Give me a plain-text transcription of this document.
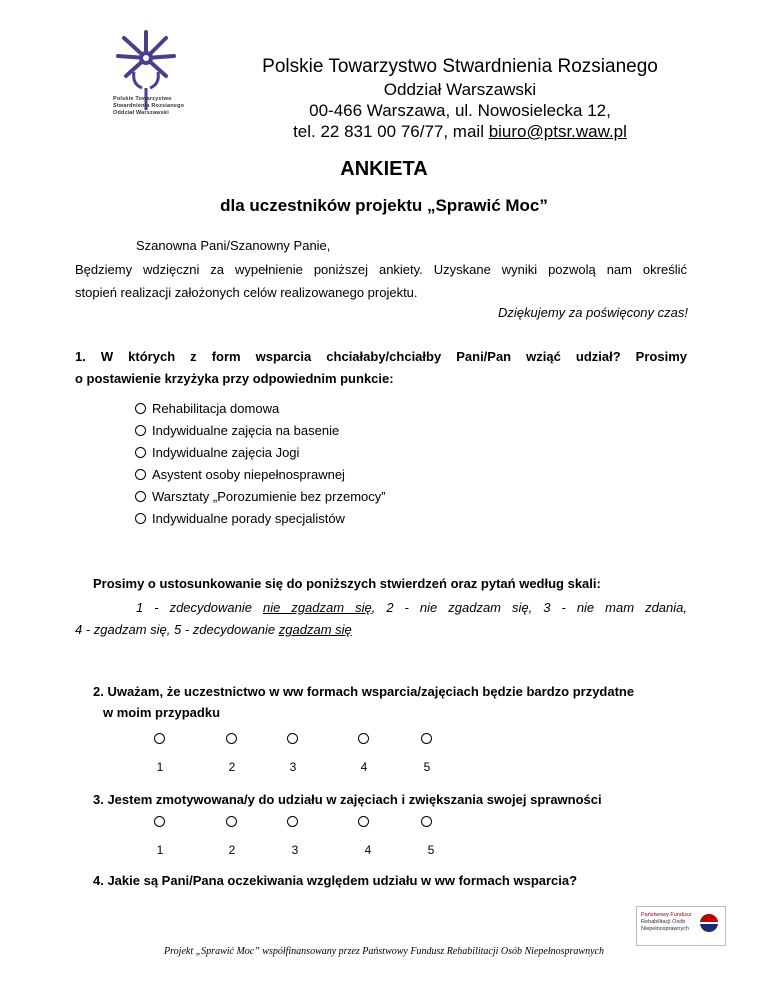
Polskie Towarzystwo
Stwardnienia Rozsianego
Oddział Warszawski
Polskie Towarzystwo Stwardnienia Rozsianego
Oddział Warszawski
00-466 Warszawa, ul. Nowosielecka 12,
tel. 22 831 00 76/77, mail biuro@ptsr.waw.pl
ANKIETA
dla uczestników projektu „Sprawić Moc”
Szanowna Pani/Szanowny Panie,
Będziemy wdzięczni za wypełnienie poniższej ankiety. Uzyskane wyniki pozwolą nam określić
stopień realizacji założonych celów realizowanego projektu.
Dziękujemy za poświęcony czas!
1. W których z form wsparcia chciałaby/chciałby Pani/Pan wziąć udział? Prosimy
o postawienie krzyżyka przy odpowiednim punkcie:
Rehabilitacja domowa
Indywidualne zajęcia na basenie
Indywidualne zajęcia Jogi
Asystent osoby niepełnosprawnej
Warsztaty „Porozumienie bez przemocy”
Indywidualne porady specjalistów
Prosimy o ustosunkowanie się do poniższych stwierdzeń oraz pytań według skali:
1 - zdecydowanie nie zgadzam się, 2 - nie zgadzam się, 3 - nie mam zdania,
4 - zgadzam się, 5 - zdecydowanie zgadzam się
2. Uważam, że uczestnictwo w ww formach wsparcia/zajęciach będzie bardzo przydatne
w moim przypadku
1	2	3	4	5
3. Jestem zmotywowana/y do udziału w zajęciach i zwiększania swojej sprawności
1	2	3	4	5
4. Jakie są Pani/Pana oczekiwania względem udziału w ww formach wsparcia?
Państwowy Fundusz
Rehabilitacji Osób
Niepełnosprawnych
Projekt „Sprawić Moc” współfinansowany przez Państwowy Fundusz Rehabilitacji Osób Niepełnosprawnych
